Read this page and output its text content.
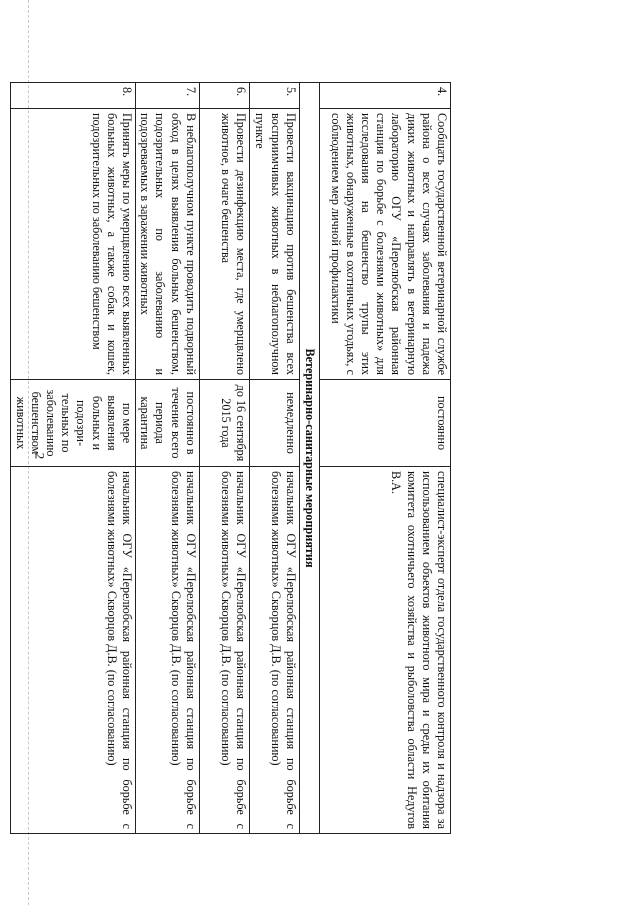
2
4.	Сообщать государственной ветеринарной службе района о всех случаях заболевания и падежа диких животных и направлять в ветеринарную лабораторию ОГУ «Перелюбская районная станция по борьбе с болезнями животных» для исследования на бешенство трупы этих животных, обнаруженные в охотничьих угодьях, с соблюдением мер личной профилактики	постоянно	специалист-эксперт отдела государственного контроля и надзора за использованием объектов животного мира и среды их обитания комитета охотничьего хозяйства и рыболовства области Недугов В.А.
Ветеринарно-санитарные мероприятия			
5.	Провести вакцинацию против бешенства всех восприимчивых животных в неблагополучном пункте	немедленно	начальник ОГУ «Перелюбская районная станция по борьбе с болезнями животных» Скворцов Д.В. (по согласованию)
6.	Провести дезинфекцию места, где умерщвлено животное, в очаге бешенства	до 16 сентября 2015 года	начальник ОГУ «Перелюбская районная станция по борьбе с болезнями животных» Скворцов Д.В. (по согласованию)
7.	В неблагополучном пункте проводить подворный обход в целях выявления больных бешенством, подозрительных по заболеванию и подозреваемых в заражении животных	постоянно в течение всего периода карантина	начальник ОГУ «Перелюбская районная станция по борьбе с болезнями животных» Скворцов Д.В. (по согласованию)
8.	Принять меры по умерщвлению всех выявленных больных животных, а также собак и кошек, подозрительных по заболеванию бешенством	по мере выявления больных и подозри-тельных по заболеванию бешенством животных	начальник ОГУ «Перелюбская районная станция по борьбе с болезнями животных» Скворцов Д.В. (по согласованию)
